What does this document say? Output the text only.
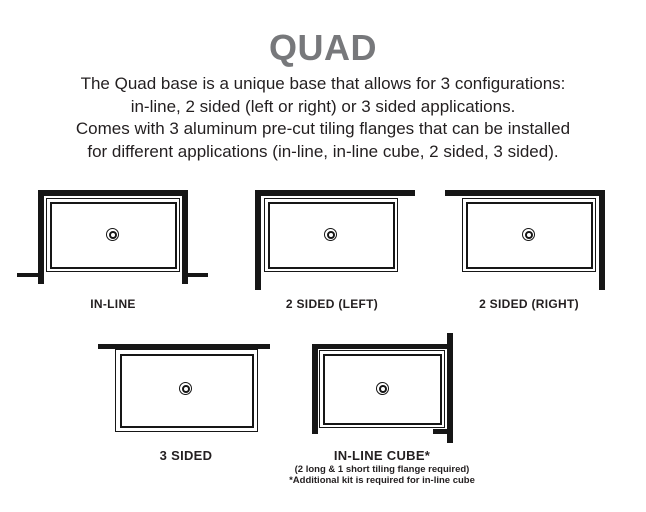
QUAD
The Quad base is a unique base that allows for 3 configurations:
in-line, 2 sided (left or right) or 3 sided applications.
Comes with 3 aluminum pre-cut tiling flanges that can be installed
for different applications (in-line, in-line cube, 2 sided, 3 sided).
IN-LINE	2 SIDED (LEFT)	2 SIDED (RIGHT)
3 SIDED	IN-LINE CUBE*
(2 long & 1 short tiling flange required)
*Additional kit is required for in-line cube
